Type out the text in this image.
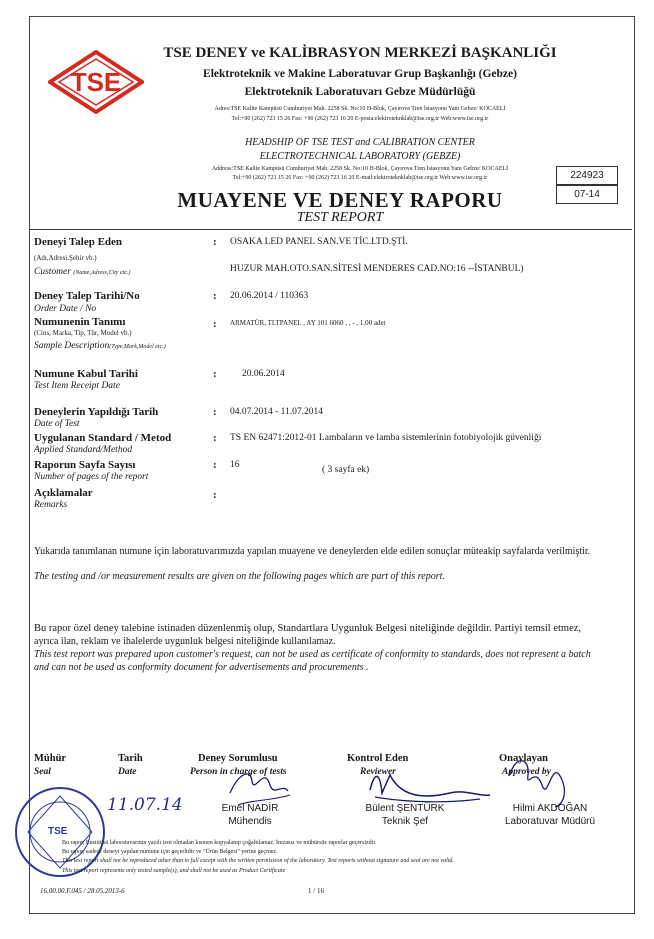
TSE
TSE DENEY ve KALİBRASYON MERKEZİ BAŞKANLIĞI
Elektroteknik ve Makine Laboratuvar Grup Başkanlığı (Gebze)
Elektroteknik Laboratuvarı Gebze Müdürlüğü
Adres:TSE Kalite Kampüsü Cumhuriyet Mah. 2258 Sk. No:10 H-Blok, Çayırova Tren İstasyonu Yanı Gebze/ KOCAELİ
Tel:+90 (262) 723 15 26 Fax: +90 (262) 723 16 20 E-posta:elektroteknklab@tse.org.tr Web:www.tse.org.tr
HEADSHIP OF TSE TEST and CALIBRATION CENTER
ELECTROTECHNICAL LABORATORY (GEBZE)
Address:TSE Kalite Kampüsü Cumhuriyet Mah. 2258 Sk. No:10 H-Blok, Çayırova Tren İstasyonu Yanı Gebze/ KOCAELİ
Tel:+90 (262) 723 15 26 Fax: +90 (262) 723 16 20 E-mail:elektroteknklab@tse.org.tr Web:www.tse.org.tr
MUAYENE VE DENEY RAPORU
TEST REPORT
224923
07-14
Deneyi Talep Eden	: OSAKA LED PANEL SAN.VE TİC.LTD.ŞTİ.
(Adı,Adresi,Şehir vb.)
HUZUR MAH.OTO.SAN.SİTESİ MENDERES CAD.NO:16 --İSTANBUL)
Customer (Name,Adress,City etc.)
Deney Talep Tarihi/No	: 20.06.2014 / 110363
Order Date / No
Numunenin Tanımı	: ARMATÜR, TLTPANEL , AY 101 6060 , , - , 1.00 adet
(Cins, Marka, Tip, Tür, Model vb.)
Sample Description(Type,Mark,Model etc.)
Numune Kabul Tarihi	:	20.06.2014
Test Item Receipt Date
Deneylerin Yapıldığı Tarih	: 04.07.2014 - 11.07.2014
Date of Test
Uygulanan Standard / Metod	: TS EN 62471:2012-01 Lambaların ve lamba sistemlerinin fotobiyolojik güvenliği
Applied Standard/Method
Raporun Sayfa Sayısı	: 16	( 3 sayfa ek)
Number of pages of the report
Açıklamalar	:
Remarks
Yukarıda tanımlanan numune için laboratuvarımızda yapılan muayene ve deneylerden elde edilen sonuçlar müteakip sayfalarda verilmiştir.
The testing and /or measurement results are given on the following pages which are part of this report.
Bu rapor özel deney talebine istinaden düzenlenmiş olup, Standartlara Uygunluk Belgesi niteliğinde değildir. Partiyi temsil etmez,
ayrıca ilan, reklam ve ihalelerde uygunluk belgesi niteliğinde kullanılamaz.
This test report was prepared upon customer's request, can not be used as certificate of conformity to standards, does not represent a batch and can not be used as conformity document for advertisements and procurements .
Mühür
Seal
Tarih
Date
Deney Sorumlusu
Person in charge of tests
Kontrol Eden
Reviewer
Onaylayan
Approved by
11.07.14	Emel NADİR
Mühendis
Bülent ŞENTÜRK
Teknik Şef
Hilmi AKDOĞAN
Laboratuvar Müdürü
TSE
Bu rapor, Enstitüsü laboratuvarının yazılı izni olmadan kısmen kopyalanıp çoğaltılamaz. İmzasız ve mühürsüz raporlar geçersizdir.
Bu rapor, sadece deneyi yapılan numune için geçerlidir ve "Ürün Belgesi" yerine geçmez.
This test report shall not be reproduced other than in full except with the written permission of the laboratory. Test reports without signature and seal are not valid.
This test report represents only tested sample(s), and shall not be used as Product Certificate
16.00.00.F.045 / 28.05.2013-6	1 / 16
